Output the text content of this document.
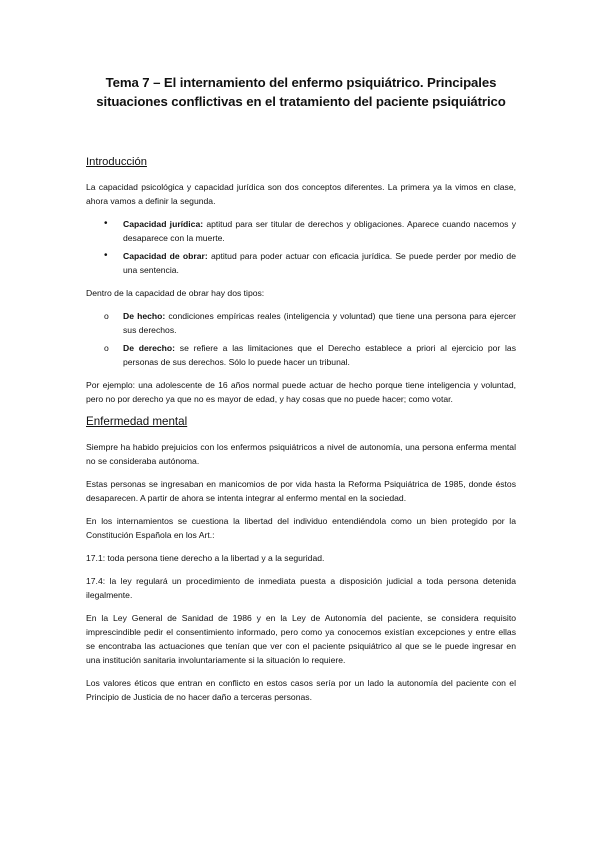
Tema 7 – El internamiento del enfermo psiquiátrico. Principales
situaciones conflictivas en el tratamiento del paciente psiquiátrico
Introducción

La capacidad psicológica y capacidad jurídica son dos conceptos diferentes. La primera ya la vimos en clase, ahora vamos a definir la segunda.

• Capacidad jurídica: aptitud para ser titular de derechos y obligaciones. Aparece cuando nacemos y desaparece con la muerte.
• Capacidad de obrar: aptitud para poder actuar con eficacia jurídica. Se puede perder por medio de una sentencia.

Dentro de la capacidad de obrar hay dos tipos:

o De hecho: condiciones empíricas reales (inteligencia y voluntad) que tiene una persona para ejercer sus derechos.
o De derecho: se refiere a las limitaciones que el Derecho establece a priori al ejercicio por las personas de sus derechos. Sólo lo puede hacer un tribunal.

Por ejemplo: una adolescente de 16 años normal puede actuar de hecho porque tiene inteligencia y voluntad, pero no por derecho ya que no es mayor de edad, y hay cosas que no puede hacer; como votar.

Enfermedad mental

Siempre ha habido prejuicios con los enfermos psiquiátricos a nivel de autonomía, una persona enferma mental no se consideraba autónoma.

Estas personas se ingresaban en manicomios de por vida hasta la Reforma Psiquiátrica de 1985, donde éstos desaparecen. A partir de ahora se intenta integrar al enfermo mental en la sociedad.

En los internamientos se cuestiona la libertad del individuo entendiéndola como un bien protegido por la Constitución Española en los Art.:

17.1: toda persona tiene derecho a la libertad y a la seguridad.

17.4: la ley regulará un procedimiento de inmediata puesta a disposición judicial a toda persona detenida ilegalmente.

En la Ley General de Sanidad de 1986 y en la Ley de Autonomía del paciente, se considera requisito imprescindible pedir el consentimiento informado, pero como ya conocemos existían excepciones y entre ellas se encontraba las actuaciones que tenían que ver con el paciente psiquiátrico al que se le puede ingresar en una institución sanitaria involuntariamente si la situación lo requiere.

Los valores éticos que entran en conflicto en estos casos sería por un lado la autonomía del paciente con el Principio de Justicia de no hacer daño a terceras personas.
